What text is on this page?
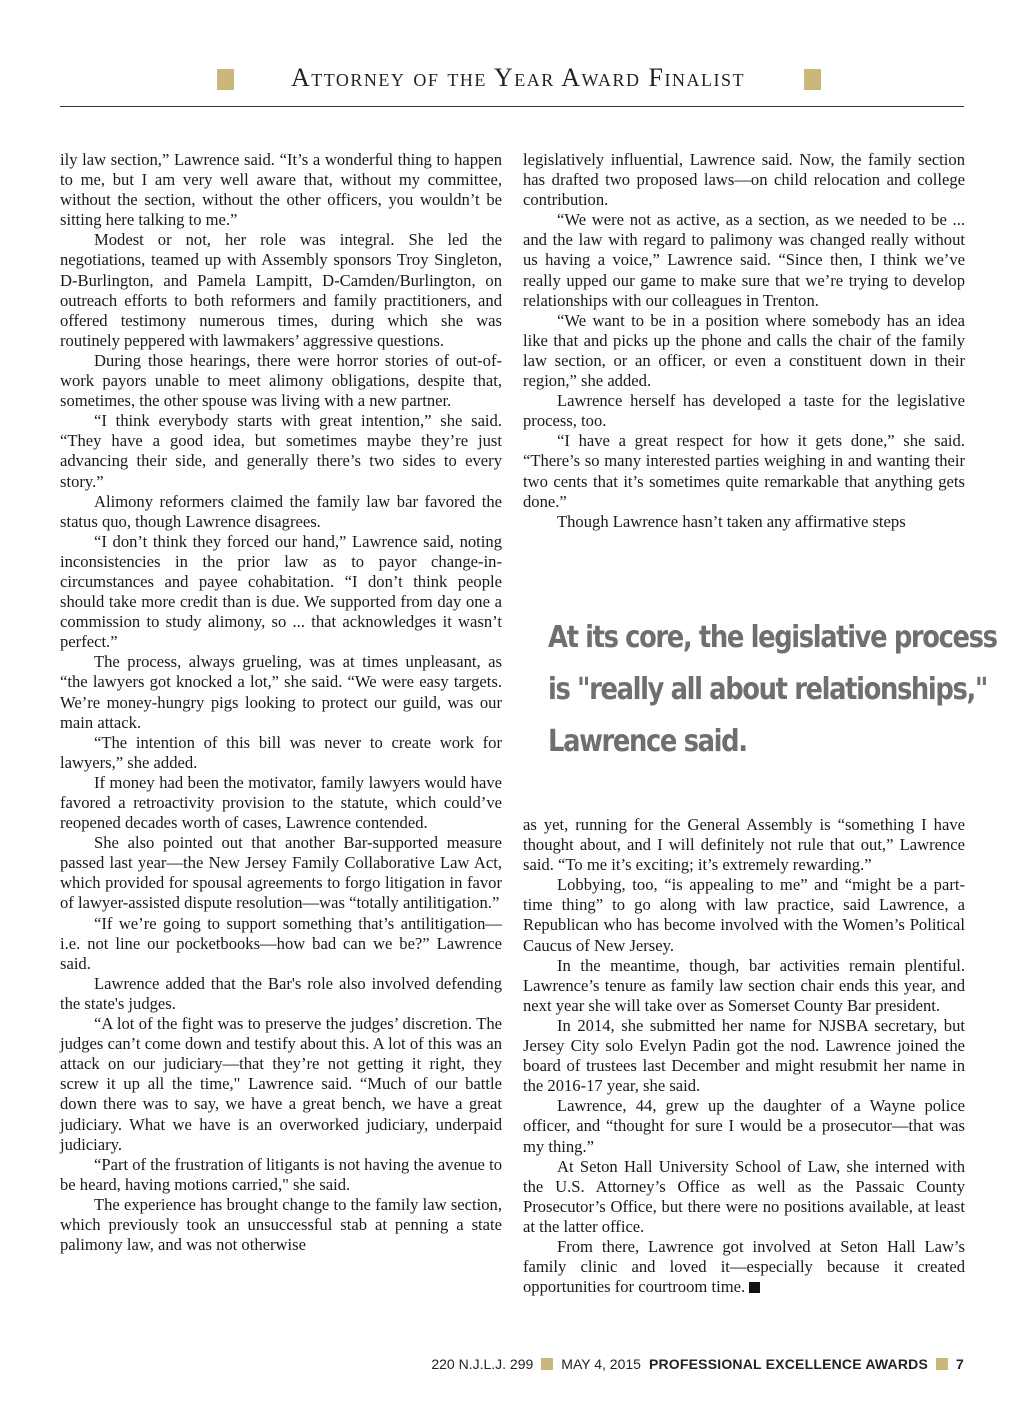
Attorney of the Year Award Finalist

ily law section,” Lawrence said. “It’s a wonderful thing to happen to me, but I am very well aware that, without my committee, without the section, without the other officers, you wouldn’t be sitting here talking to me.”

Modest or not, her role was integral. She led the negotiations, teamed up with Assembly sponsors Troy Singleton, D-Burlington, and Pamela Lampitt, D-Camden/Burlington, on outreach efforts to both reformers and family practitioners, and offered testimony numerous times, during which she was routinely peppered with lawmakers’ aggressive questions.

During those hearings, there were horror stories of out-of-work payors unable to meet alimony obligations, despite that, sometimes, the other spouse was living with a new partner.

“I think everybody starts with great intention,” she said. “They have a good idea, but sometimes maybe they’re just advancing their side, and generally there’s two sides to every story.”

Alimony reformers claimed the family law bar favored the status quo, though Lawrence disagrees.

“I don’t think they forced our hand,” Lawrence said, noting inconsistencies in the prior law as to payor change-in-circumstances and payee cohabitation. “I don’t think people should take more credit than is due. We supported from day one a commission to study alimony, so ... that acknowledges it wasn’t perfect.”

The process, always grueling, was at times unpleasant, as “the lawyers got knocked a lot,” she said. “We were easy targets. We’re money-hungry pigs looking to protect our guild, was our main attack.

“The intention of this bill was never to create work for lawyers,” she added.

If money had been the motivator, family lawyers would have favored a retroactivity provision to the statute, which could’ve reopened decades worth of cases, Lawrence contended.

She also pointed out that another Bar-supported measure passed last year—the New Jersey Family Collaborative Law Act, which provided for spousal agreements to forgo litigation in favor of lawyer-assisted dispute resolution—was “totally antilitigation.”

“If we’re going to support something that’s antilitigation—i.e. not line our pocketbooks—how bad can we be?” Lawrence said.

Lawrence added that the Bar's role also involved defending the state's judges.

“A lot of the fight was to preserve the judges’ discretion. The judges can’t come down and testify about this. A lot of this was an attack on our judiciary—that they’re not getting it right, they screw it up all the time," Lawrence said. “Much of our battle down there was to say, we have a great bench, we have a great judiciary. What we have is an overworked judiciary, underpaid judiciary.

“Part of the frustration of litigants is not having the avenue to be heard, having motions carried," she said.

The experience has brought change to the family law section, which previously took an unsuccessful stab at penning a state palimony law, and was not otherwise

legislatively influential, Lawrence said. Now, the family section has drafted two proposed laws—on child relocation and college contribution.

“We were not as active, as a section, as we needed to be ... and the law with regard to palimony was changed really without us having a voice,” Lawrence said. “Since then, I think we’ve really upped our game to make sure that we’re trying to develop relationships with our colleagues in Trenton.

“We want to be in a position where somebody has an idea like that and picks up the phone and calls the chair of the family law section, or an officer, or even a constituent down in their region,” she added.

Lawrence herself has developed a taste for the legislative process, too.

“I have a great respect for how it gets done,” she said. “There’s so many interested parties weighing in and wanting their two cents that it’s sometimes quite remarkable that anything gets done.”

Though Lawrence hasn’t taken any affirmative steps

At its core, the legislative process
is "really all about relationships,"
Lawrence said.

as yet, running for the General Assembly is “something I have thought about, and I will definitely not rule that out,” Lawrence said. “To me it’s exciting; it’s extremely rewarding.”

Lobbying, too, “is appealing to me” and “might be a part-time thing” to go along with law practice, said Lawrence, a Republican who has become involved with the Women’s Political Caucus of New Jersey.

In the meantime, though, bar activities remain plentiful. Lawrence’s tenure as family law section chair ends this year, and next year she will take over as Somerset County Bar president.

In 2014, she submitted her name for NJSBA secretary, but Jersey City solo Evelyn Padin got the nod. Lawrence joined the board of trustees last December and might resubmit her name in the 2016-17 year, she said.

Lawrence, 44, grew up the daughter of a Wayne police officer, and “thought for sure I would be a prosecutor—that was my thing.”

At Seton Hall University School of Law, she interned with the U.S. Attorney’s Office as well as the Passaic County Prosecutor’s Office, but there were no positions available, at least at the latter office.

From there, Lawrence got involved at Seton Hall Law’s family clinic and loved it—especially because it created opportunities for courtroom time.

220 N.J.L.J. 299 MAY 4, 2015 PROFESSIONAL EXCELLENCE AWARDS 7
